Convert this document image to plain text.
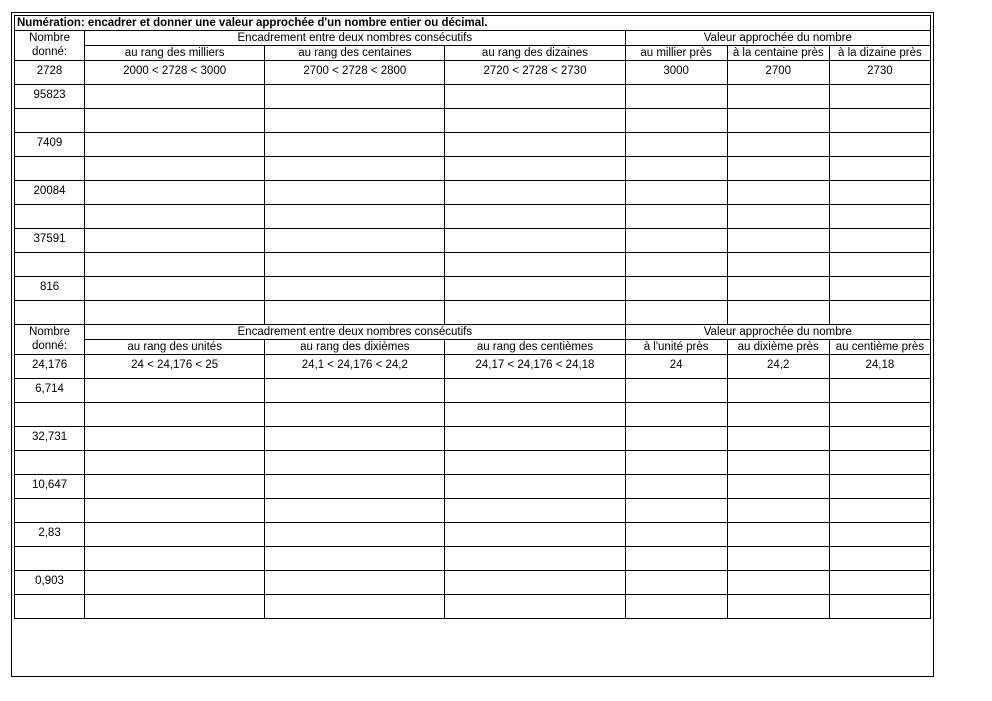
Numération: encadrer et donner une valeur approchée d'un nombre entier ou décimal.						
Nombre	Encadrement entre deux nombres consécutifs			Valeur approchée du nombre		
donné:	au rang des milliers	au rang des centaines	au rang des dizaines	au millier près	à la centaine près	à la dizaine près
2728	2000 < 2728 < 3000	2700 < 2728 < 2800	2720 < 2728 < 2730	3000	2700	2730
95823						

7409						

20084						

37591						

816						

Nombre	Encadrement entre deux nombres consécutifs			Valeur approchée du nombre		
donné:	au rang des unités	au rang des dixièmes	au rang des centièmes	à l'unité près	au dixième près	au centième près
24,176	24 < 24,176 < 25	24,1 < 24,176 < 24,2	24,17 < 24,176 < 24,18	24	24,2	24,18
6,714						

32,731						

10,647						

2,83						

0,903						
